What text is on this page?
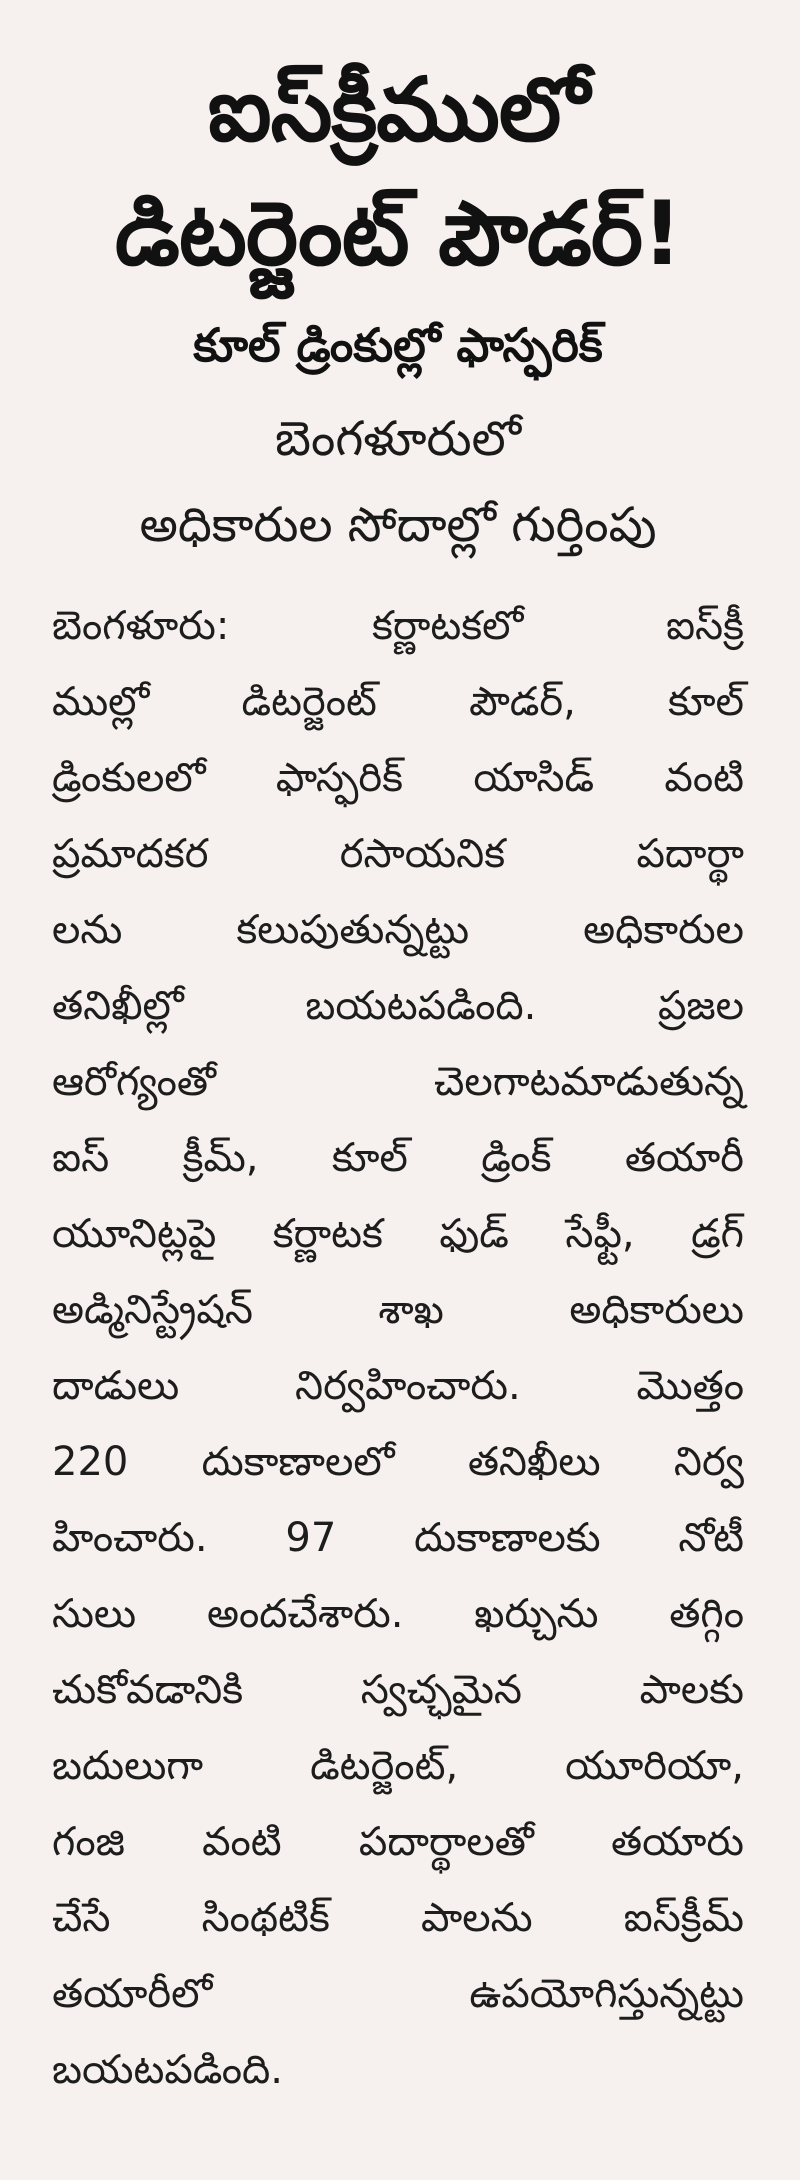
ఐస్‌క్రీములో
డిటర్జెంట్ పౌడర్!
కూల్ డ్రింకుల్లో ఫాస్ఫరిక్
బెంగళూరులో
అధికారుల సోదాల్లో గుర్తింపు
బెంగళూరు: కర్ణాటకలో ఐస్‌క్రీ
ముల్లో డిటర్జెంట్ పౌడర్, కూల్
డ్రింకులలో ఫాస్ఫరిక్ యాసిడ్ వంటి
ప్రమాదకర రసాయనిక పదార్థా
లను కలుపుతున్నట్టు అధికారుల
తనిఖీల్లో బయటపడింది. ప్రజల
ఆరోగ్యంతో చెలగాటమాడుతున్న
ఐస్ క్రీమ్, కూల్ డ్రింక్ తయారీ
యూనిట్లపై కర్ణాటక ఫుడ్ సేఫ్టీ, డ్రగ్
అడ్మినిస్ట్రేషన్ శాఖ అధికారులు
దాడులు నిర్వహించారు. మొత్తం
220 దుకాణాలలో తనిఖీలు నిర్వ
హించారు. 97 దుకాణాలకు నోటీ
సులు అందచేశారు. ఖర్చును తగ్గిం
చుకోవడానికి స్వచ్ఛమైన పాలకు
బదులుగా డిటర్జెంట్, యూరియా,
గంజి వంటి పదార్థాలతో తయారు
చేసే సింథటిక్ పాలను ఐస్‌క్రీమ్
తయారీలో ఉపయోగిస్తున్నట్టు
బయటపడింది.
